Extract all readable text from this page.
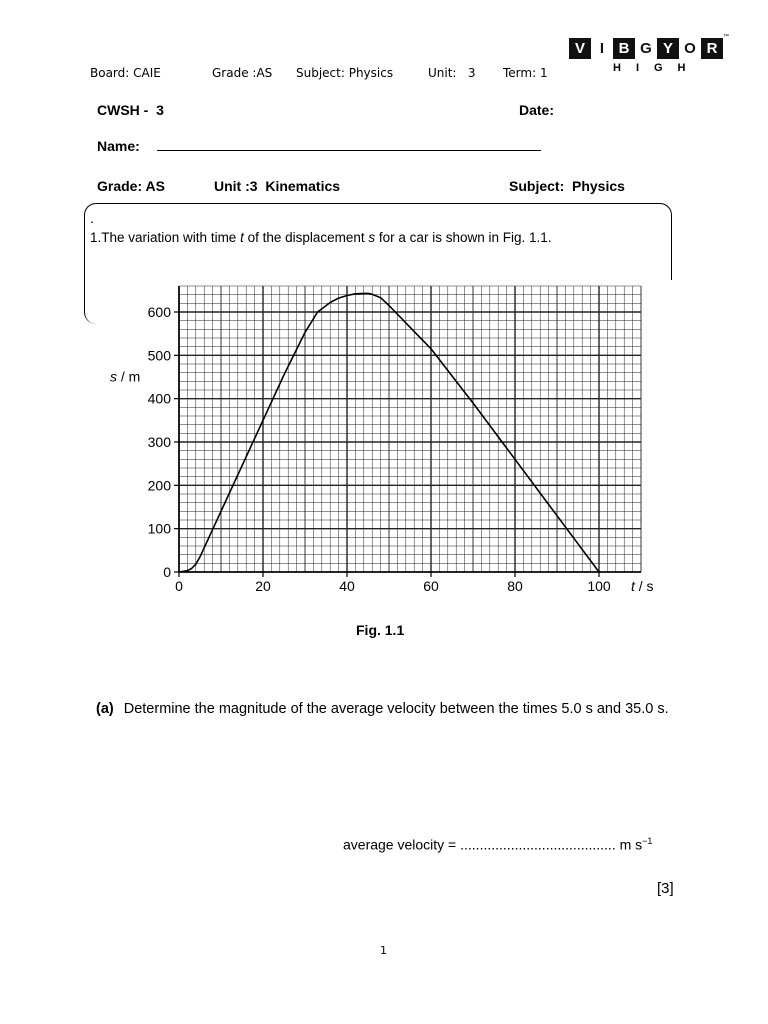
Board: CAIE	Grade :AS Subject: Physics	Unit:   3 Term: 1
V I B G Y O R
HIGH
™
CWSH -  3	Date:
Name:
Grade: AS	Unit :3  Kinematics	Subject:  Physics
.
1.The variation with time t of the displacement s for a car is shown in Fig. 1.1.
0	20	40	60	80	100
0
100
200
300
400
500
600
s / m
t / s
Fig. 1.1
(a) Determine the magnitude of the average velocity between the times 5.0 s and 35.0 s.
average velocity = ........................................ m $s^{-1}$
[3]
1
